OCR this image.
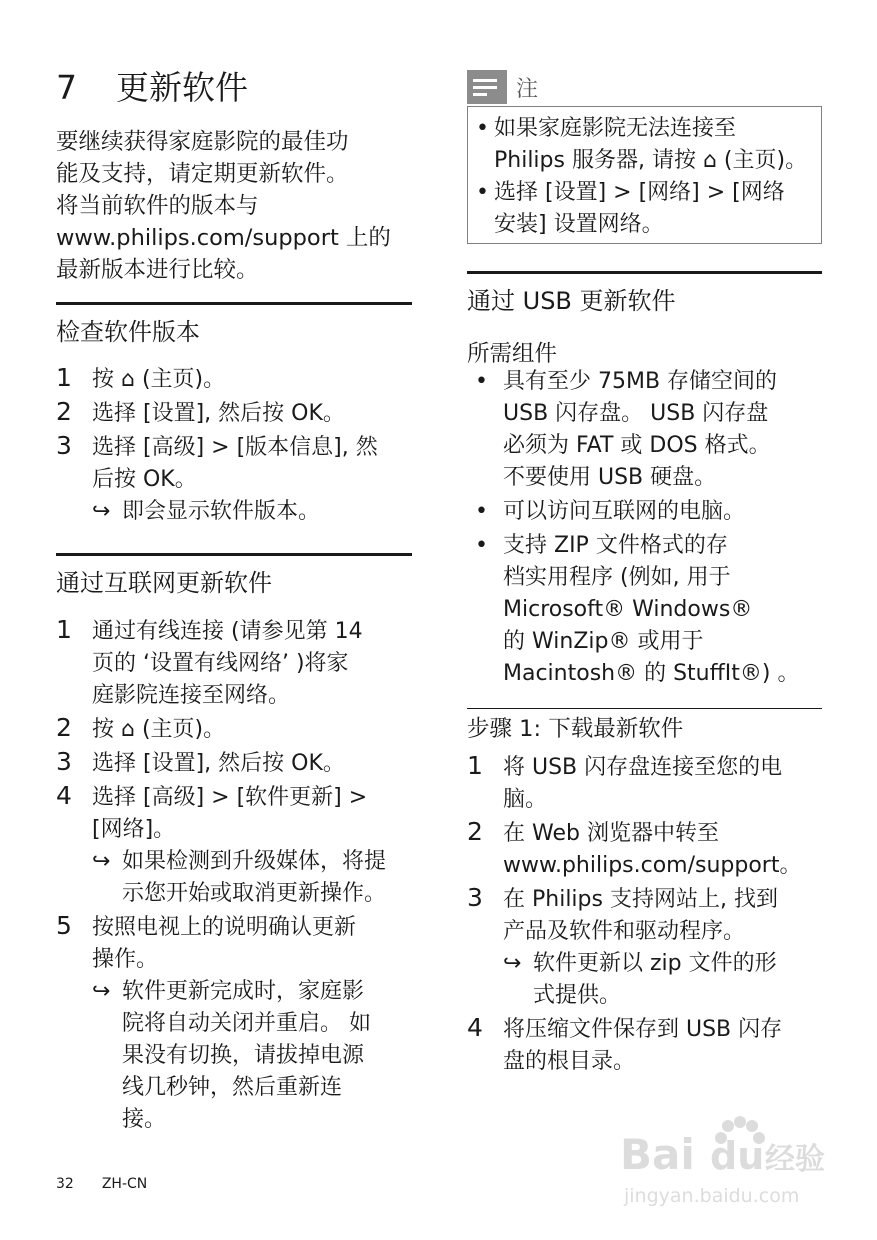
7 更新软件

要继续获得家庭影院的最佳功
能及支持，请定期更新软件。
将当前软件的版本与
www.philips.com/support 上的
最新版本进行比较。

检查软件版本
1 按 ⌂ (主页)。
2 选择 [设置], 然后按 OK。
3 选择 [高级] > [版本信息], 然
后按 OK。
↪ 即会显示软件版本。
通过互联网更新软件
1 通过有线连接 (请参见第 14
页的 ‘设置有线网络’ )将家
庭影院连接至网络。
2 按 ⌂ (主页)。
3 选择 [设置], 然后按 OK。
4 选择 [高级] > [软件更新] >
[网络]。
↪ 如果检测到升级媒体，将提
示您开始或取消更新操作。
5 按照电视上的说明确认更新
操作。
↪ 软件更新完成时，家庭影
院将自动关闭并重启。 如
果没有切换，请拔掉电源
线几秒钟，然后重新连
接。
注
• 如果家庭影院无法连接至
Philips 服务器, 请按 ⌂ (主页)。
• 选择 [设置] > [网络] > [网络
安装] 设置网络。
通过 USB 更新软件
所需组件
• 具有至少 75MB 存储空间的
USB 闪存盘。 USB 闪存盘
必须为 FAT 或 DOS 格式。
不要使用 USB 硬盘。
• 可以访问互联网的电脑。
• 支持 ZIP 文件格式的存
档实用程序 (例如, 用于
Microsoft® Windows®
的 WinZip® 或用于
Macintosh® 的 StuffIt®) 。
步骤 1: 下载最新软件
1 将 USB 闪存盘连接至您的电
脑。
2 在 Web 浏览器中转至
www.philips.com/support。
3 在 Philips 支持网站上, 找到
产品及软件和驱动程序。
↪ 软件更新以 zip 文件的形
式提供。
4 将压缩文件保存到 USB 闪存
盘的根目录。
32 ZH-CN
Bai du 经验
jingyan.baidu.com
